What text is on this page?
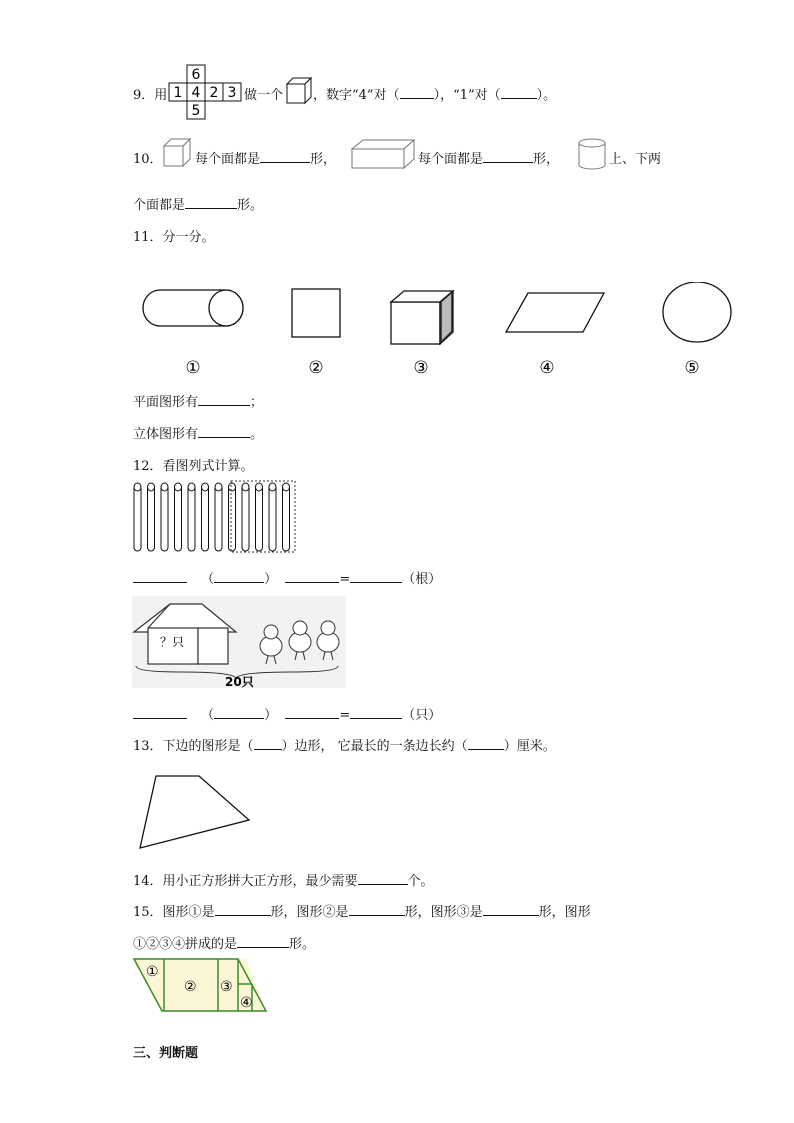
9．用
6
1 4 2 3
5
做一个 ，数字“4”对（	），“1”对（	）。
10． 每个面都是	形，	每个面都是	形，	上、下两
个面都是	形。
11．分一分。
①	②	③	④	⑤
平面图形有	；
立体图形有	。
12．看图列式计算。
（	）	=	（根）
？只
20只
（	）	=	（只）
13．下边的图形是（ ）边形， 它最长的一条边长约（	）厘米。
14．用小正方形拼大正方形，最少需要	个。
15．图形①是	形，图形②是	形，图形③是	形，图形
①②③④拼成的是	形。
①
② ③
④
三、判断题
